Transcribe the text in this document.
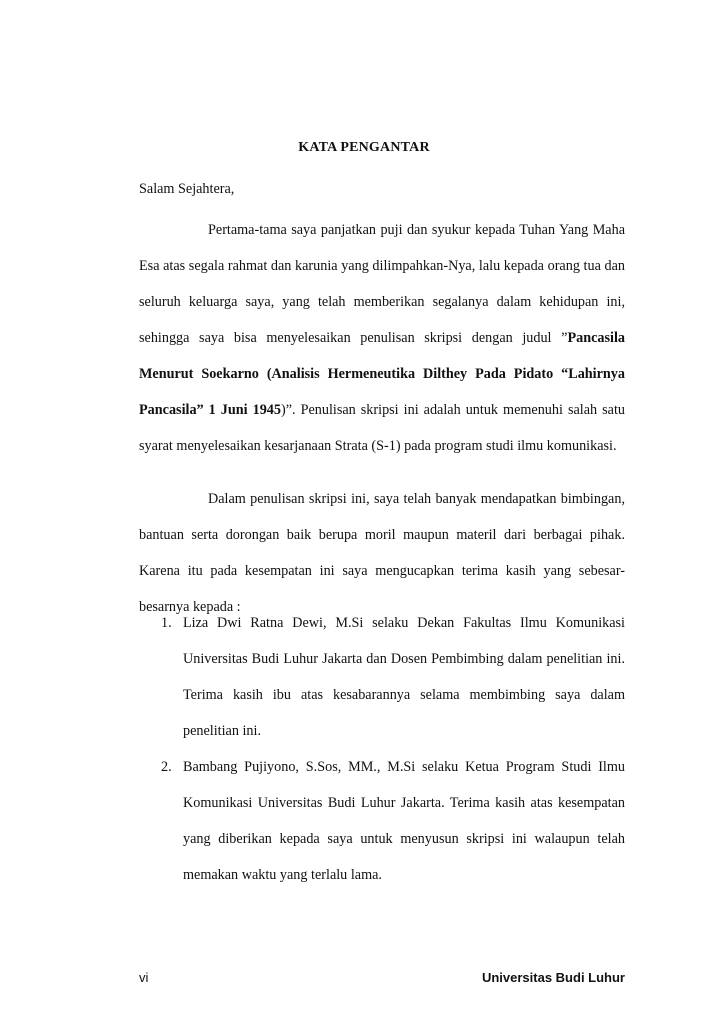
KATA PENGANTAR
Salam Sejahtera,
Pertama-tama saya panjatkan puji dan syukur kepada Tuhan Yang Maha Esa atas segala rahmat dan karunia yang dilimpahkan-Nya, lalu kepada orang tua dan seluruh keluarga saya, yang telah memberikan segalanya dalam kehidupan ini, sehingga saya bisa menyelesaikan penulisan skripsi dengan judul ”Pancasila Menurut Soekarno (Analisis Hermeneutika Dilthey Pada Pidato “Lahirnya Pancasila” 1 Juni 1945)”. Penulisan skripsi ini adalah untuk memenuhi salah satu syarat menyelesaikan kesarjanaan Strata (S-1) pada program studi ilmu komunikasi.
Dalam penulisan skripsi ini, saya telah banyak mendapatkan bimbingan, bantuan serta dorongan baik berupa moril maupun materil dari berbagai pihak. Karena itu pada kesempatan ini saya mengucapkan terima kasih yang sebesar-besarnya kepada :
1. Liza Dwi Ratna Dewi, M.Si selaku Dekan Fakultas Ilmu Komunikasi Universitas Budi Luhur Jakarta dan Dosen Pembimbing dalam penelitian ini. Terima kasih ibu atas kesabarannya selama membimbing saya dalam penelitian ini.
2. Bambang Pujiyono, S.Sos, MM., M.Si selaku Ketua Program Studi Ilmu Komunikasi Universitas Budi Luhur Jakarta. Terima kasih atas kesempatan yang diberikan kepada saya untuk menyusun skripsi ini walaupun telah memakan waktu yang terlalu lama.
vi	Universitas Budi Luhur
